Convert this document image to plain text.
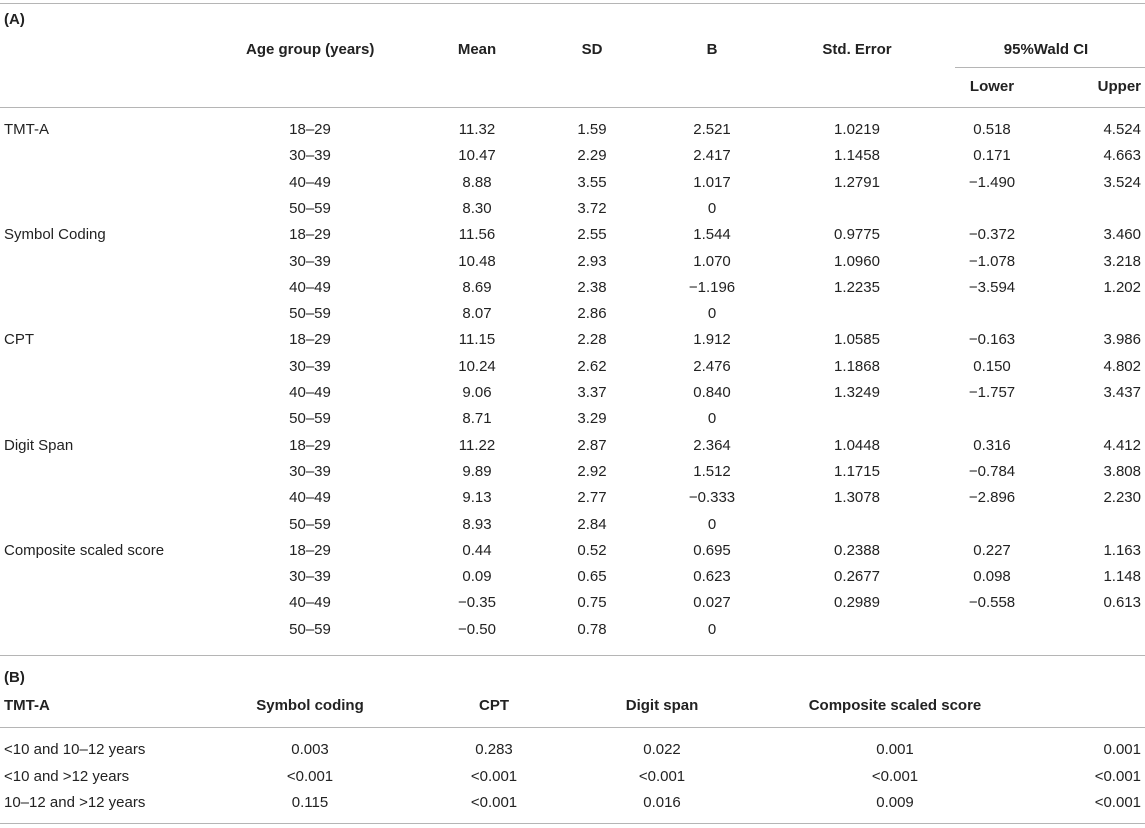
(A)
Age group (years)	Mean	SD	B	Std. Error	95%Wald CI
Lower	Upper
TMT-A	18–29	11.32	1.59	2.521	1.0219	0.518	4.524
30–39	10.47	2.29	2.417	1.1458	0.171	4.663
40–49	8.88	3.55	1.017	1.2791	−1.490	3.524
50–59	8.30	3.72	0
Symbol Coding	18–29	11.56	2.55	1.544	0.9775	−0.372	3.460
30–39	10.48	2.93	1.070	1.0960	−1.078	3.218
40–49	8.69	2.38	−1.196	1.2235	−3.594	1.202
50–59	8.07	2.86	0
CPT	18–29	11.15	2.28	1.912	1.0585	−0.163	3.986
30–39	10.24	2.62	2.476	1.1868	0.150	4.802
40–49	9.06	3.37	0.840	1.3249	−1.757	3.437
50–59	8.71	3.29	0
Digit Span	18–29	11.22	2.87	2.364	1.0448	0.316	4.412
30–39	9.89	2.92	1.512	1.1715	−0.784	3.808
40–49	9.13	2.77	−0.333	1.3078	−2.896	2.230
50–59	8.93	2.84	0
Composite scaled score	18–29	0.44	0.52	0.695	0.2388	0.227	1.163
30–39	0.09	0.65	0.623	0.2677	0.098	1.148
40–49	−0.35	0.75	0.027	0.2989	−0.558	0.613
50–59	−0.50	0.78	0
(B)
TMT-A	Symbol coding	CPT	Digit span	Composite scaled score
<10 and 10–12 years	0.003	0.283	0.022	0.001	0.001
<10 and >12 years	<0.001	<0.001	<0.001	<0.001	<0.001
10–12 and >12 years	0.115	<0.001	0.016	0.009	<0.001
